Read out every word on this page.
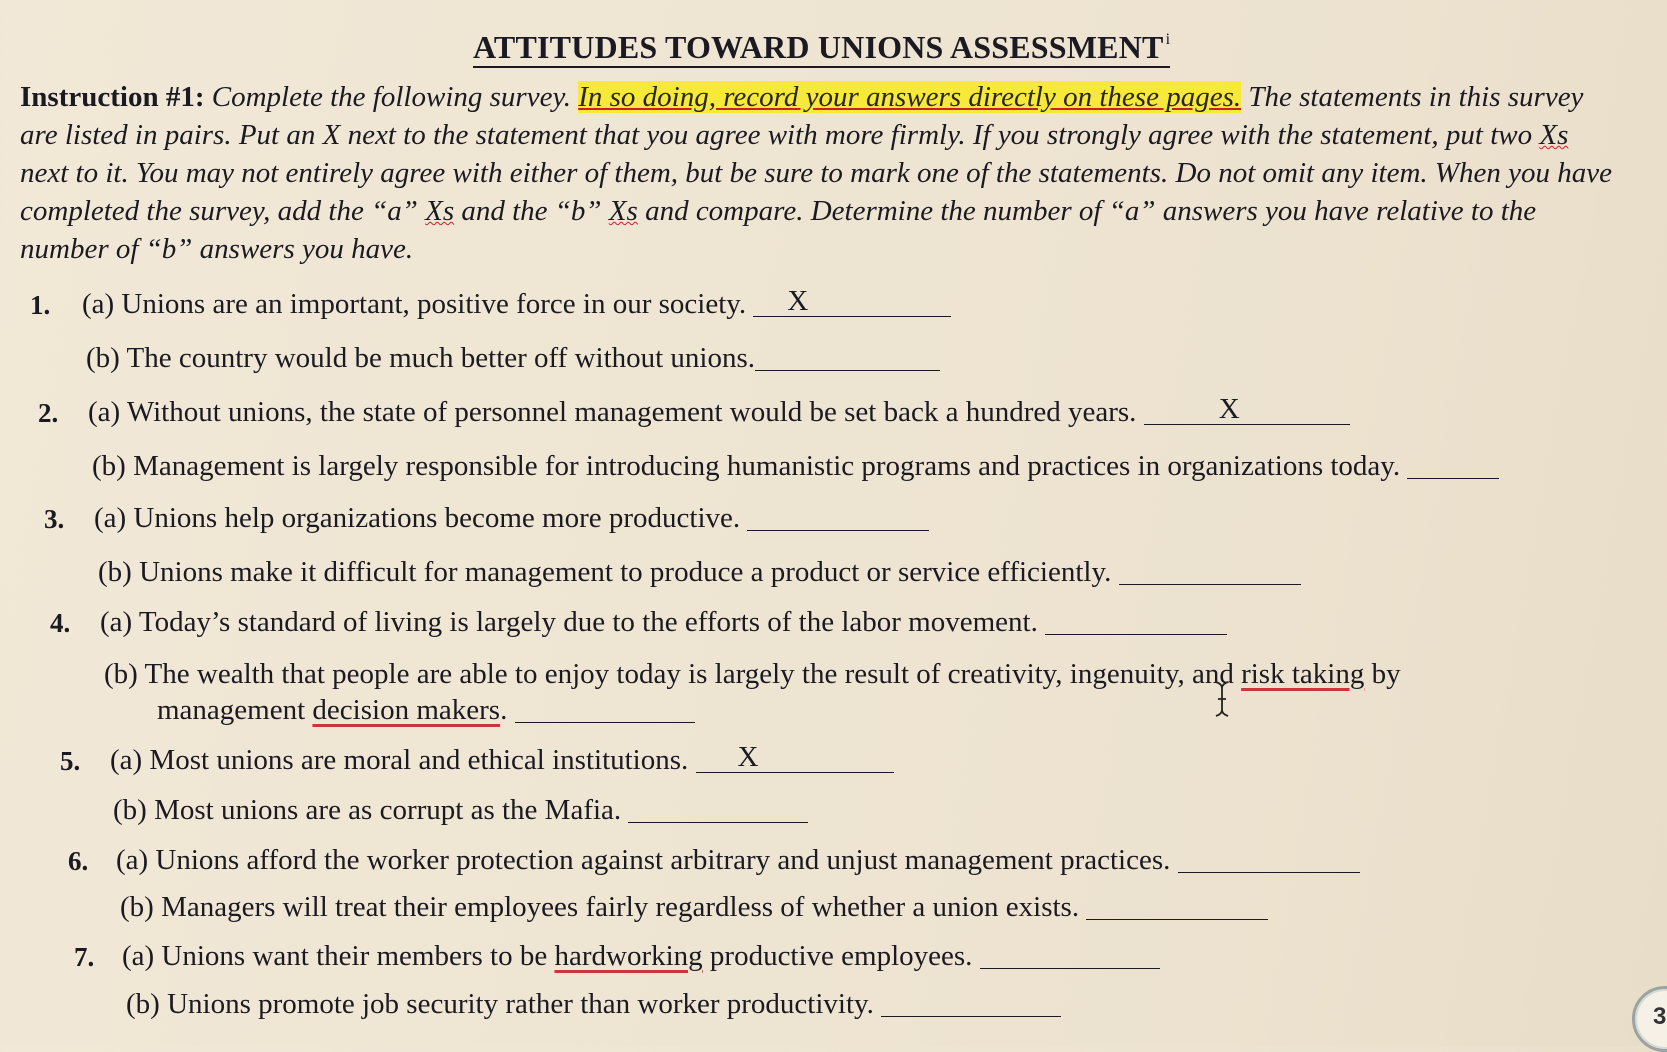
ATTITUDES TOWARD UNIONS ASSESSMENT $^i$
Instruction #1: Complete the following survey. In so doing, record your answers directly on these pages. The statements in this survey are listed in pairs. Put an X next to the statement that you agree with more firmly. If you strongly agree with the statement, put two Xs next to it. You may not entirely agree with either of them, but be sure to mark one of the statements. Do not omit any item. When you have completed the survey, add the “a” Xs and the “b” Xs and compare. Determine the number of “a” answers you have relative to the number of “b” answers you have.
1. (a) Unions are an important, positive force in our society. X
(b) The country would be much better off without unions.
2. (a) Without unions, the state of personnel management would be set back a hundred years.	X
(b) Management is largely responsible for introducing humanistic programs and practices in organizations today.
3. (a) Unions help organizations become more productive.
(b) Unions make it difficult for management to produce a product or service efficiently.
4. (a) Today’s standard of living is largely due to the efforts of the labor movement.
(b) The wealth that people are able to enjoy today is largely the result of creativity, ingenuity, and risk taking by
management decision makers.
5. (a) Most unions are moral and ethical institutions. X
(b) Most unions are as corrupt as the Mafia.
6. (a) Unions afford the worker protection against arbitrary and unjust management practices.
(b) Managers will treat their employees fairly regardless of whether a union exists.
7. (a) Unions want their members to be hardworking productive employees.
(b) Unions promote job security rather than worker productivity.	3
